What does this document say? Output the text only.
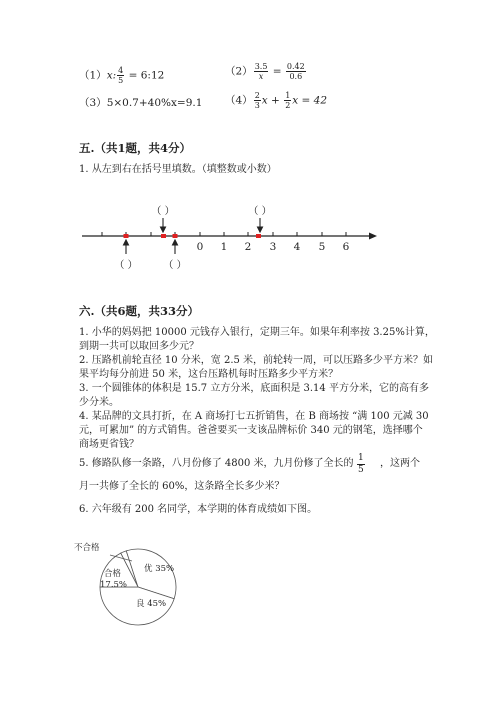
（1）x: $\frac{4}{5}$ = 6:12	$(2) \frac{3.5}{x} = \frac{0.42}{0.6}$
（3）5×0.7+40%x=9.1 $(4) \frac{2}{3}$ $x + \frac{1}{2}$ x = 42
五.（共1题，共4分）
1. 从左到右在括号里填数。（填整数或小数）
0 1 2 3 4 5 6
（ ）	（ ）
（ ）	（ ）
六.（共6题，共33分）
1. 小华的妈妈把 10000 元钱存入银行，定期三年。如果年利率按 3.25%计算，
到期一共可以取回多少元？
2. 压路机前轮直径 10 分米，宽 2.5 米，前轮转一周，可以压路多少平方米？如
果平均每分前进 50 米，这台压路机每时压路多少平方米？
3. 一个圆锥体的体积是 15.7 立方分米，底面积是 3.14 平方分米，它的高有多
少分米。
4. 某品牌的文具打折，在 A 商场打七五折销售，在 B 商场按 “满 100 元减 30
元，可累加” 的方式销售。爸爸要买一支该品牌标价 340 元的钢笔，选择哪个
商场更省钱？
5. 修路队修一条路，八月份修了 4800 米，九月份修了全长的 $\frac{1}{5}$ ，这两个
月一共修了全长的 60%，这条路全长多少米？
6. 六年级有 200 名同学，本学期的体育成绩如下图。
不合格
合格
17.5%
优 35%
良 45%
